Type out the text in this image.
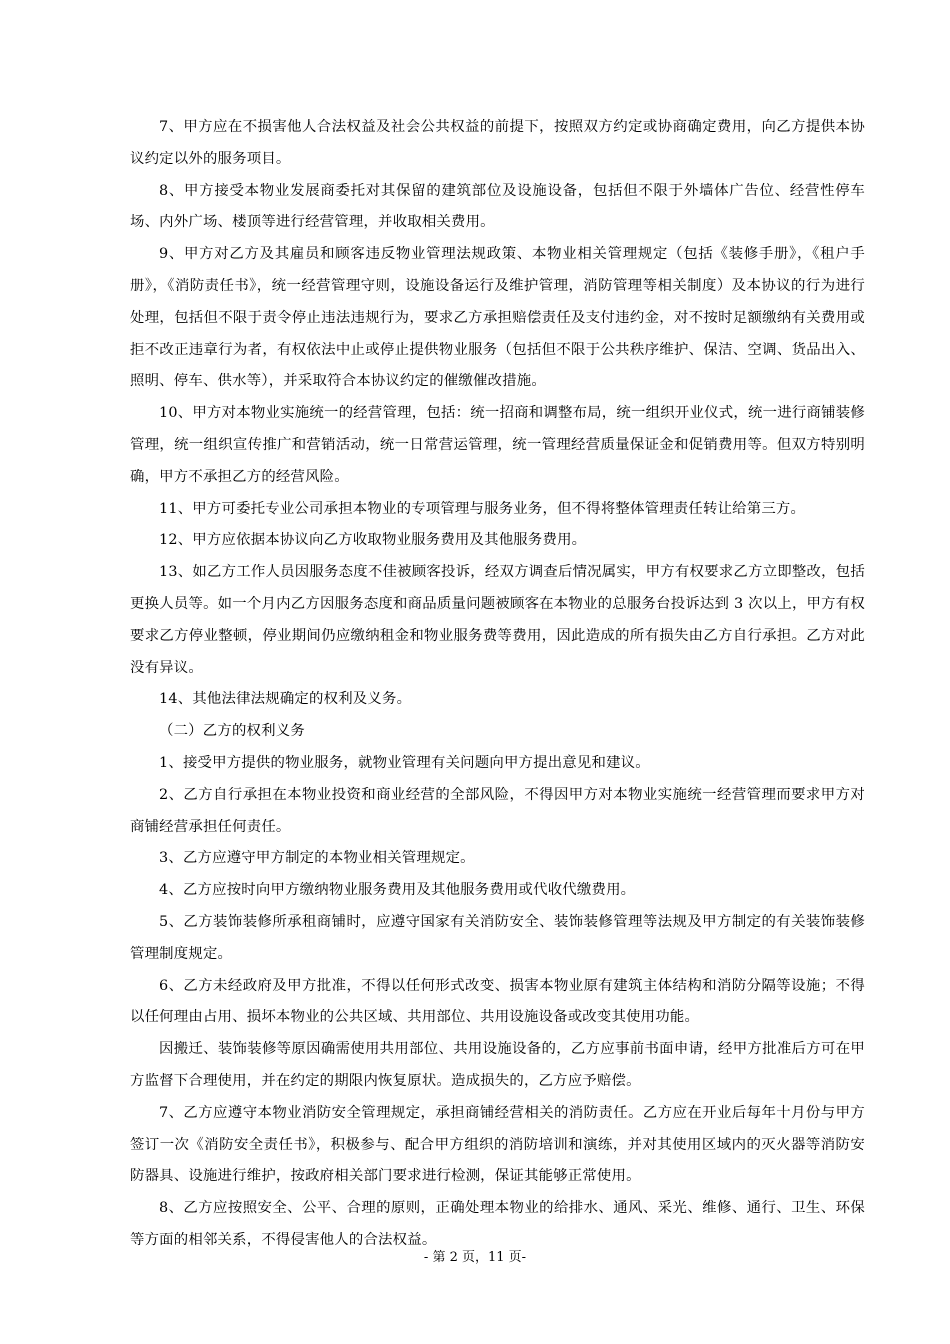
7、甲方应在不损害他人合法权益及社会公共权益的前提下，按照双方约定或协商确定费用，向乙方提供本协议约定以外的服务项目。

8、甲方接受本物业发展商委托对其保留的建筑部位及设施设备，包括但不限于外墙体广告位、经营性停车场、内外广场、楼顶等进行经营管理，并收取相关费用。

9、甲方对乙方及其雇员和顾客违反物业管理法规政策、本物业相关管理规定（包括《装修手册》，《租户手册》，《消防责任书》，统一经营管理守则，设施设备运行及维护管理，消防管理等相关制度）及本协议的行为进行处理，包括但不限于责令停止违法违规行为，要求乙方承担赔偿责任及支付违约金，对不按时足额缴纳有关费用或拒不改正违章行为者，有权依法中止或停止提供物业服务（包括但不限于公共秩序维护、保洁、空调、货品出入、照明、停车、供水等），并采取符合本协议约定的催缴催改措施。

10、甲方对本物业实施统一的经营管理，包括：统一招商和调整布局，统一组织开业仪式，统一进行商铺装修管理，统一组织宣传推广和营销活动，统一日常营运管理，统一管理经营质量保证金和促销费用等。但双方特别明确，甲方不承担乙方的经营风险。

11、甲方可委托专业公司承担本物业的专项管理与服务业务，但不得将整体管理责任转让给第三方。

12、甲方应依据本协议向乙方收取物业服务费用及其他服务费用。

13、如乙方工作人员因服务态度不佳被顾客投诉，经双方调查后情况属实，甲方有权要求乙方立即整改，包括更换人员等。如一个月内乙方因服务态度和商品质量问题被顾客在本物业的总服务台投诉达到 3 次以上，甲方有权要求乙方停业整顿，停业期间仍应缴纳租金和物业服务费等费用，因此造成的所有损失由乙方自行承担。乙方对此没有异议。

14、其他法律法规确定的权利及义务。

（二）乙方的权利义务

1、接受甲方提供的物业服务，就物业管理有关问题向甲方提出意见和建议。

2、乙方自行承担在本物业投资和商业经营的全部风险，不得因甲方对本物业实施统一经营管理而要求甲方对商铺经营承担任何责任。

3、乙方应遵守甲方制定的本物业相关管理规定。

4、乙方应按时向甲方缴纳物业服务费用及其他服务费用或代收代缴费用。

5、乙方装饰装修所承租商铺时，应遵守国家有关消防安全、装饰装修管理等法规及甲方制定的有关装饰装修管理制度规定。

6、乙方未经政府及甲方批准，不得以任何形式改变、损害本物业原有建筑主体结构和消防分隔等设施；不得以任何理由占用、损坏本物业的公共区域、共用部位、共用设施设备或改变其使用功能。

因搬迁、装饰装修等原因确需使用共用部位、共用设施设备的，乙方应事前书面申请，经甲方批准后方可在甲方监督下合理使用，并在约定的期限内恢复原状。造成损失的，乙方应予赔偿。

7、乙方应遵守本物业消防安全管理规定，承担商铺经营相关的消防责任。乙方应在开业后每年十月份与甲方签订一次《消防安全责任书》，积极参与、配合甲方组织的消防培训和演练，并对其使用区域内的灭火器等消防安防器具、设施进行维护，按政府相关部门要求进行检测，保证其能够正常使用。

8、乙方应按照安全、公平、合理的原则，正确处理本物业的给排水、通风、采光、维修、通行、卫生、环保等方面的相邻关系，不得侵害他人的合法权益。

- 第 2 页，11 页-
